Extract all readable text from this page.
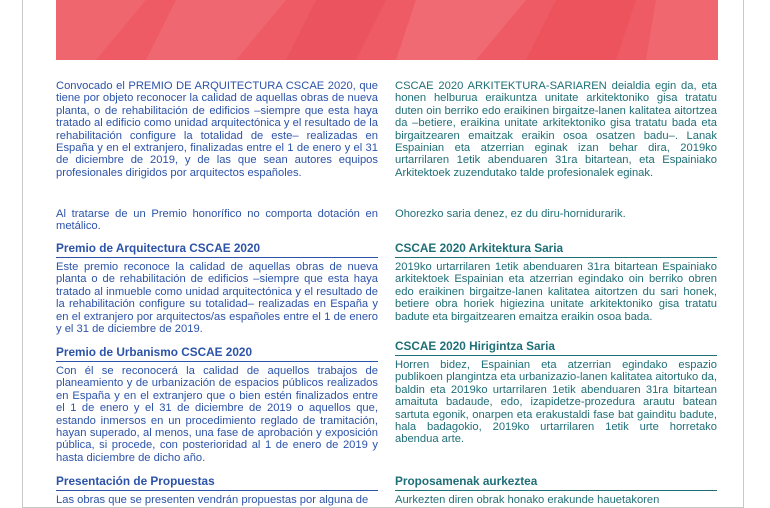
Convocado el PREMIO DE ARQUITECTURA CSCAE 2020, que tiene por objeto reconocer la calidad de aquellas obras de nueva planta, o de rehabilitación de edificios –siempre que esta haya tratado al edificio como unidad arquitectónica y el resultado de la rehabilitación configure la totalidad de este– realizadas en España y en el extranjero, finalizadas entre el 1 de enero y el 31 de diciembre de 2019, y de las que sean autores equipos profesionales dirigidos por arquitectos españoles.

Al tratarse de un Premio honorífico no comporta dotación en metálico.

Premio de Arquitectura CSCAE 2020

Este premio reconoce la calidad de aquellas obras de nueva planta o de rehabilitación de edificios –siempre que esta haya tratado al inmueble como unidad arquitectónica y el resultado de la rehabilitación configure su totalidad– realizadas en España y en el extranjero por arquitectos/as españoles entre el 1 de enero y el 31 de diciembre de 2019.

Premio de Urbanismo CSCAE 2020

Con él se reconocerá la calidad de aquellos trabajos de planeamiento y de urbanización de espacios públicos realizados en España y en el extranjero que o bien estén finalizados entre el 1 de enero y el 31 de diciembre de 2019 o aquellos que, estando inmersos en un procedimiento reglado de tramitación, hayan superado, al menos, una fase de aprobación y exposición pública, si procede, con posterioridad al 1 de enero de 2019 y hasta diciembre de dicho año.

Presentación de Propuestas

Las obras que se presenten vendrán propuestas por alguna de

CSCAE 2020 ARKITEKTURA-SARIAREN deialdia egin da, eta honen helburua eraikuntza unitate arkitektoniko gisa tratatu duten oin berriko edo eraikinen birgaitze-lanen kalitatea aitortzea da –betiere, eraikina unitate arkitektoniko gisa tratatu bada eta birgaitzearen emaitzak eraikin osoa osatzen badu–. Lanak Espainian eta atzerrian eginak izan behar dira, 2019ko urtarrilaren 1etik abenduaren 31ra bitartean, eta Espainiako Arkitektoek zuzendutako talde profesionalek eginak.

Ohorezko saria denez, ez du diru-hornidurarik.

CSCAE 2020 Arkitektura Saria

2019ko urtarrilaren 1etik abenduaren 31ra bitartean Espainiako arkitektoek Espainian eta atzerrian egindako oin berriko obren edo eraikinen birgaitze-lanen kalitatea aitortzen du sari honek, betiere obra horiek higiezina unitate arkitektoniko gisa tratatu badute eta birgaitzearen emaitza eraikin osoa bada.

CSCAE 2020 Hirigintza Saria

Horren bidez, Espainian eta atzerrian egindako espazio publikoen plangintza eta urbanizazio-lanen kalitatea aitortuko da, baldin eta 2019ko urtarrilaren 1etik abenduaren 31ra bitartean amaituta badaude, edo, izapidetze-prozedura arautu batean sartuta egonik, onarpen eta erakustaldi fase bat gainditu badute, hala badagokio, 2019ko urtarrilaren 1etik urte horretako abendua arte.

Proposamenak aurkeztea

Aurkezten diren obrak honako erakunde hauetakoren
